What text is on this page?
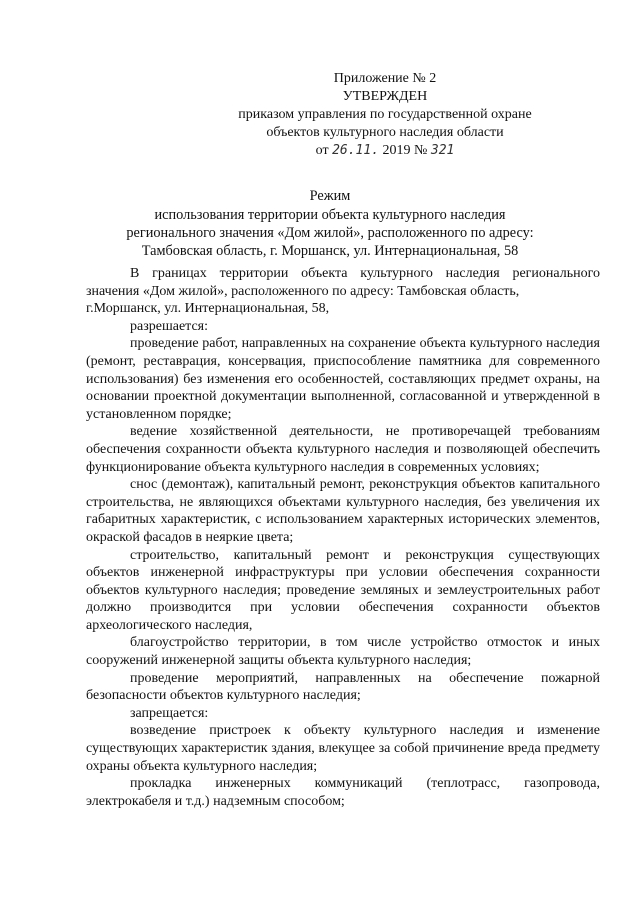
Приложение № 2
УТВЕРЖДЕН
приказом управления по государственной охране
объектов культурного наследия области
от 26.11. 2019 № 321
Режим
использования территории объекта культурного наследия
регионального значения «Дом жилой», расположенного по адресу:
Тамбовская область, г. Моршанск, ул. Интернациональная, 58

В границах территории объекта культурного наследия регионального значения «Дом жилой», расположенного по адресу: Тамбовская область,

г.Моршанск, ул. Интернациональная, 58,

разрешается:

проведение работ, направленных на сохранение объекта культурного наследия (ремонт, реставрация, консервация, приспособление памятника для современного использования) без изменения его особенностей, составляющих предмет охраны, на основании проектной документации выполненной, согласованной и утвержденной в установленном порядке;

ведение хозяйственной деятельности, не противоречащей требованиям обеспечения сохранности объекта культурного наследия и позволяющей обеспечить функционирование объекта культурного наследия в современных условиях;

снос (демонтаж), капитальный ремонт, реконструкция объектов капитального строительства, не являющихся объектами культурного наследия, без увеличения их габаритных характеристик, с использованием характерных исторических элементов, окраской фасадов в неяркие цвета;

строительство, капитальный ремонт и реконструкция существующих объектов инженерной инфраструктуры при условии обеспечения сохранности объектов культурного наследия; проведение земляных и землеустроительных работ должно производится при условии обеспечения сохранности объектов археологического наследия,

благоустройство территории, в том числе устройство отмосток и иных сооружений инженерной защиты объекта культурного наследия;

проведение мероприятий, направленных на обеспечение пожарной безопасности объектов культурного наследия;

запрещается:

возведение пристроек к объекту культурного наследия и изменение существующих характеристик здания, влекущее за собой причинение вреда предмету охраны объекта культурного наследия;

прокладка инженерных коммуникаций (теплотрасс, газопровода, электрокабеля и т.д.) надземным способом;
